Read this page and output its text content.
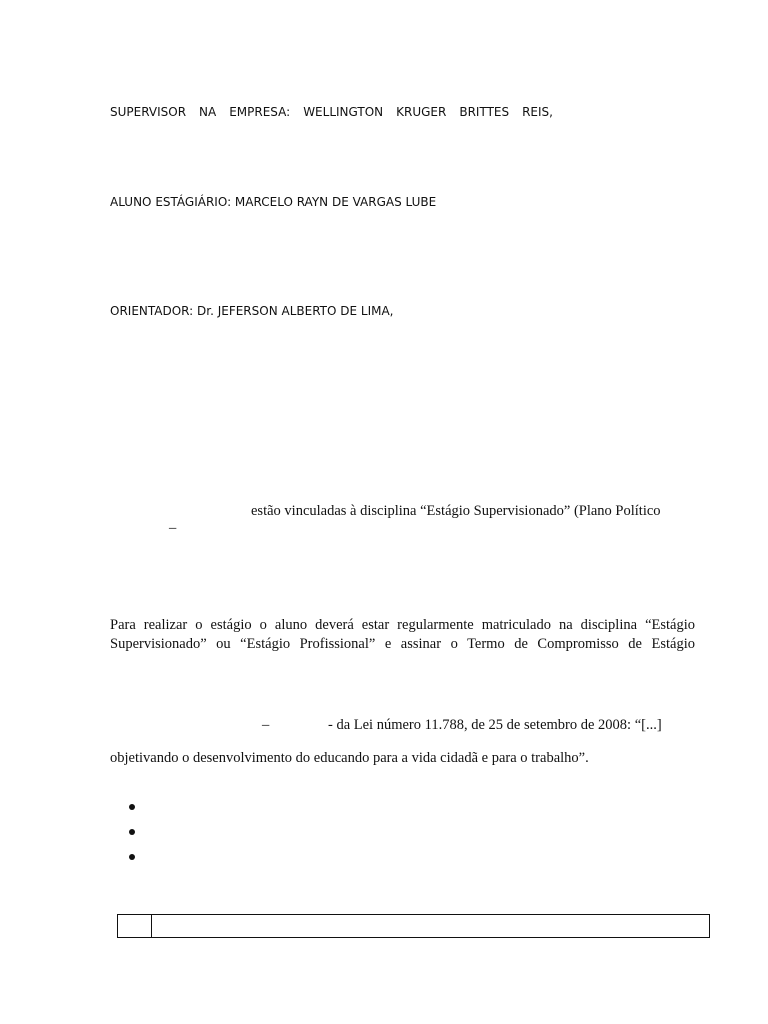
SUPERVISOR NA EMPRESA: WELLINGTON KRUGER BRITTES REIS,
ALUNO ESTÁGIÁRIO: MARCELO RAYN DE VARGAS LUBE
ORIENTADOR: Dr. JEFERSON ALBERTO DE LIMA,
estão vinculadas à disciplina “Estágio Supervisionado” (Plano Político
–
Para realizar o estágio o aluno deverá estar regularmente matriculado na disciplina “Estágio
Supervisionado” ou “Estágio Profissional” e assinar o Termo de Compromisso de Estágio
–	- da Lei número 11.788, de 25 de setembro de 2008: “[...]
objetivando o desenvolvimento do educando para a vida cidadã e para o trabalho”.
